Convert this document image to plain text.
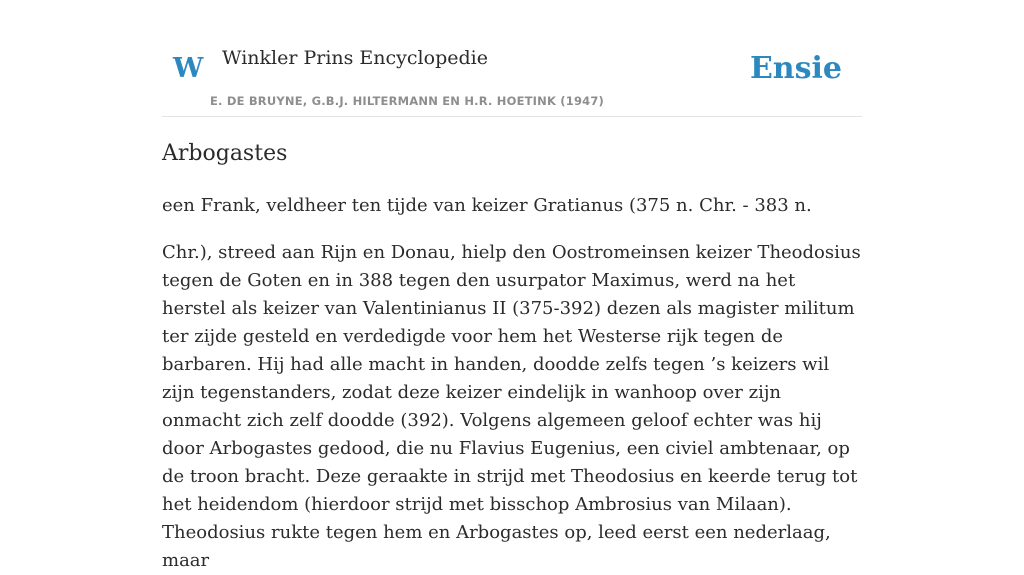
W Winkler Prins Encyclopedie
E. DE BRUYNE, G.B.J. HILTERMANN EN H.R. HOETINK (1947)
Ensie
Arbogastes

een Frank, veldheer ten tijde van keizer Gratianus (375 n. Chr. - 383 n.

Chr.), streed aan Rijn en Donau, hielp den Oostromeinsen keizer Theodosius tegen de Goten en in 388 tegen den usurpator Maximus, werd na het herstel als keizer van Valentinianus II (375-392) dezen als magister militum ter zijde gesteld en verdedigde voor hem het Westerse rijk tegen de barbaren. Hij had alle macht in handen, doodde zelfs tegen ’s keizers wil zijn tegenstanders, zodat deze keizer eindelijk in wanhoop over zijn onmacht zich zelf doodde (392). Volgens algemeen geloof echter was hij door Arbogastes gedood, die nu Flavius Eugenius, een civiel ambtenaar, op de troon bracht. Deze geraakte in strijd met Theodosius en keerde terug tot het heidendom (hierdoor strijd met bisschop Ambrosius van Milaan). Theodosius rukte tegen hem en Arbogastes op, leed eerst een nederlaag, maar
